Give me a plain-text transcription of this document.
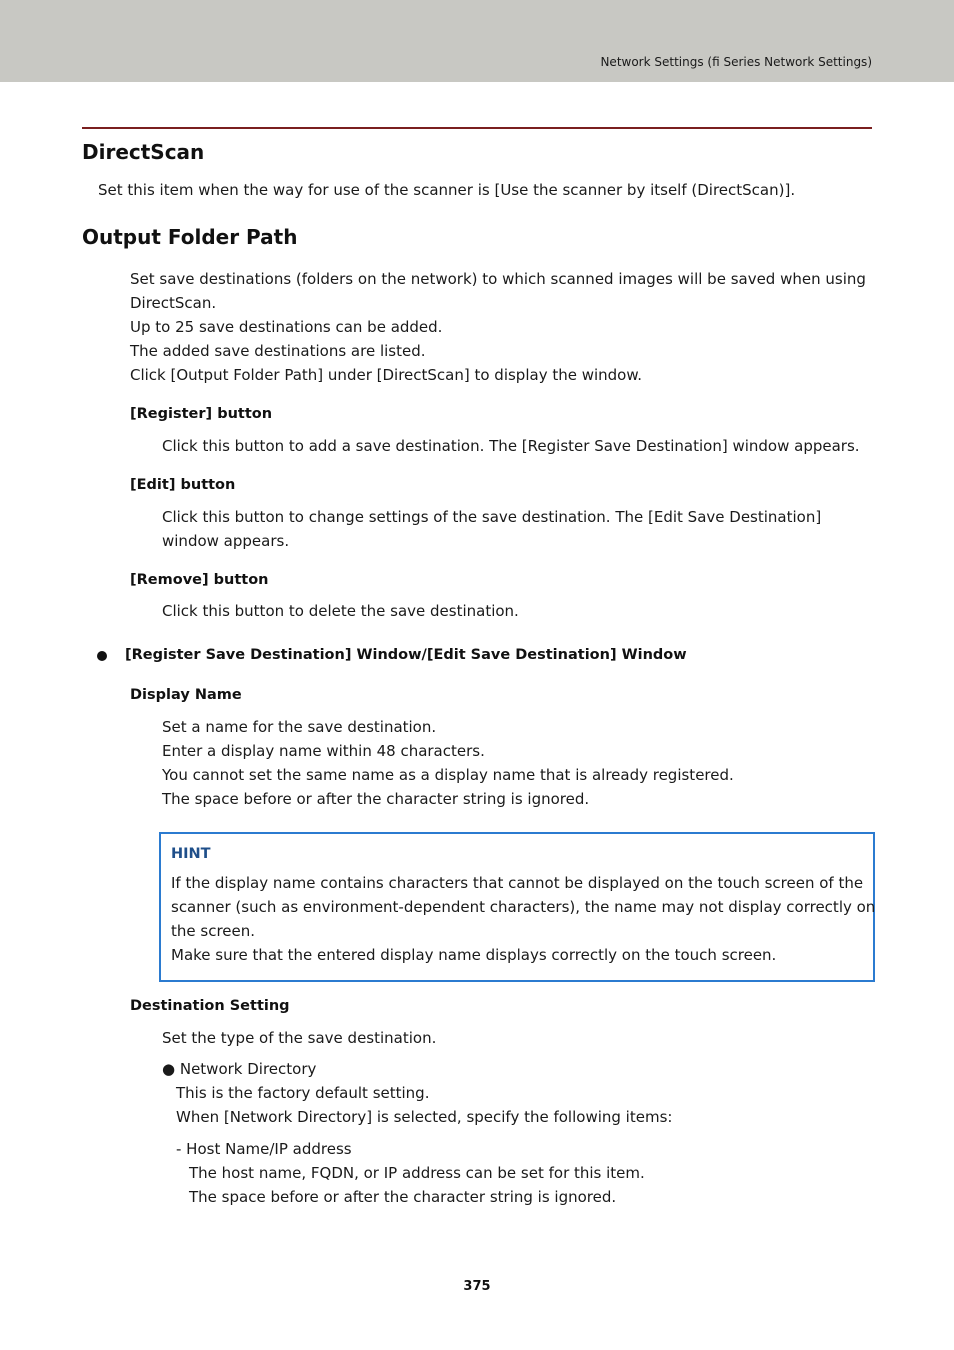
Network Settings (fi Series Network Settings)
DirectScan
Set this item when the way for use of the scanner is [Use the scanner by itself (DirectScan)].
Output Folder Path
Set save destinations (folders on the network) to which scanned images will be saved when using
DirectScan.
Up to 25 save destinations can be added.
The added save destinations are listed.
Click [Output Folder Path] under [DirectScan] to display the window.
[Register] button
Click this button to add a save destination. The [Register Save Destination] window appears.
[Edit] button
Click this button to change settings of the save destination. The [Edit Save Destination]
window appears.
[Remove] button
Click this button to delete the save destination.
[Register Save Destination] Window/[Edit Save Destination] Window
Display Name
Set a name for the save destination.
Enter a display name within 48 characters.
You cannot set the same name as a display name that is already registered.
The space before or after the character string is ignored.
HINT
If the display name contains characters that cannot be displayed on the touch screen of the
scanner (such as environment-dependent characters), the name may not display correctly on
the screen.
Make sure that the entered display name displays correctly on the touch screen.
Destination Setting
Set the type of the save destination.
● Network Directory
This is the factory default setting.
When [Network Directory] is selected, specify the following items:
- Host Name/IP address
The host name, FQDN, or IP address can be set for this item.
The space before or after the character string is ignored.
375
